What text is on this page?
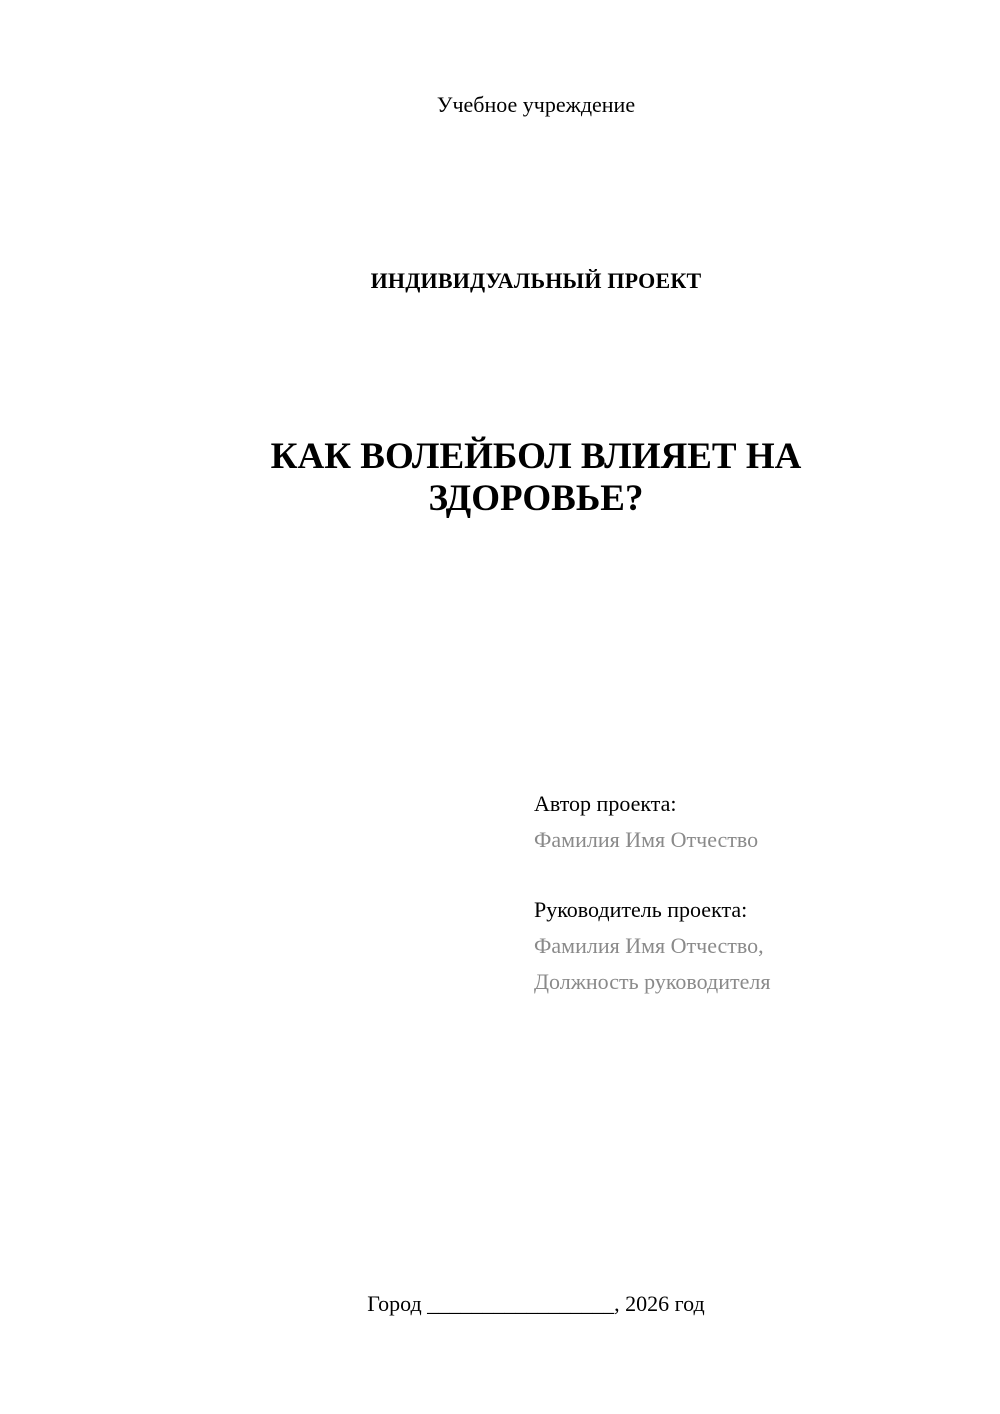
Учебное учреждение
ИНДИВИДУАЛЬНЫЙ ПРОЕКТ
КАК ВОЛЕЙБОЛ ВЛИЯЕТ НА
ЗДОРОВЬЕ?
Автор проекта:
Фамилия Имя Отчество
Руководитель проекта:
Фамилия Имя Отчество,
Должность руководителя
Город _________________, 2026 год
